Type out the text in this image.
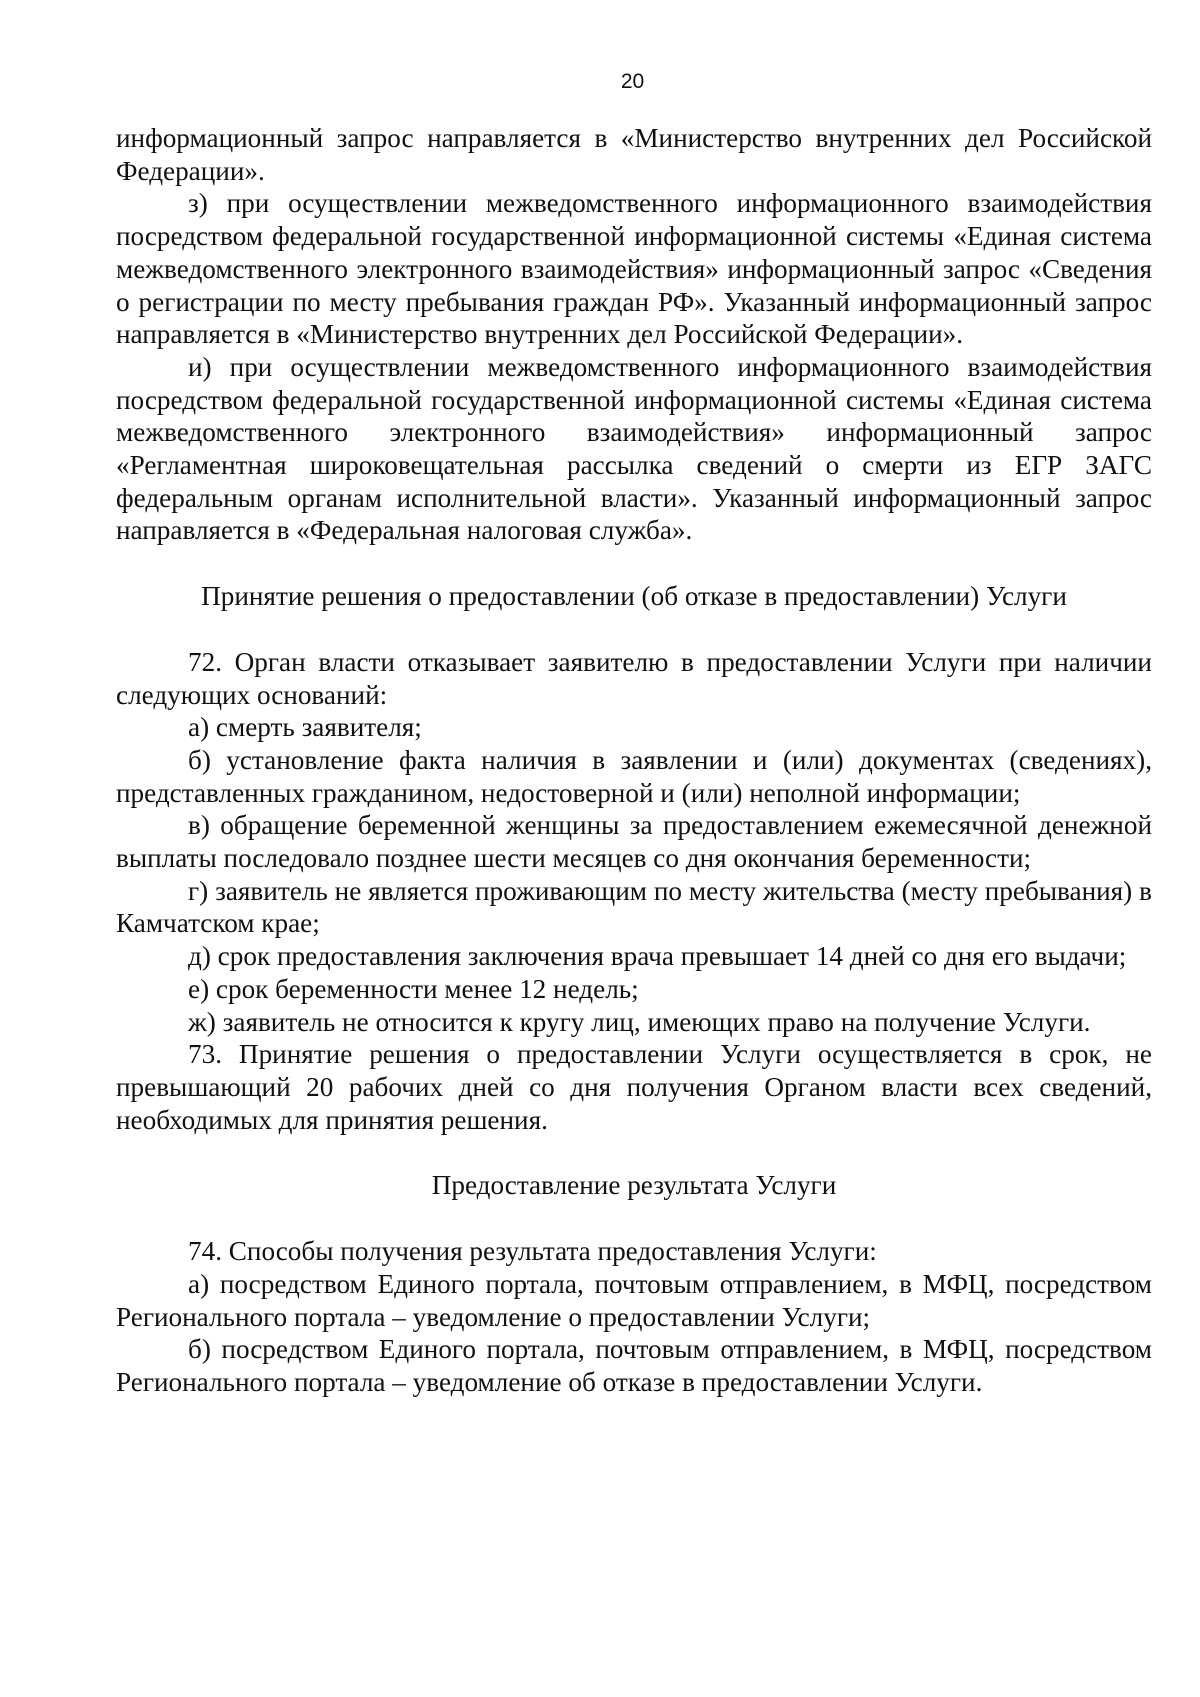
20

информационный запрос направляется в «Министерство внутренних дел Российской Федерации».

з) при осуществлении межведомственного информационного взаимодействия посредством федеральной государственной информационной системы «Единая система межведомственного электронного взаимодействия» информационный запрос «Сведения о регистрации по месту пребывания граждан РФ». Указанный информационный запрос направляется в «Министерство внутренних дел Российской Федерации».

и) при осуществлении межведомственного информационного взаимодействия посредством федеральной государственной информационной системы «Единая система межведомственного электронного взаимодействия» информационный запрос «Регламентная широковещательная рассылка сведений о смерти из ЕГР ЗАГС федеральным органам исполнительной власти». Указанный информационный запрос направляется в «Федеральная налоговая служба».

Принятие решения о предоставлении (об отказе в предоставлении) Услуги

72. Орган власти отказывает заявителю в предоставлении Услуги при наличии следующих оснований:

а) смерть заявителя;

б) установление факта наличия в заявлении и (или) документах (сведениях), представленных гражданином, недостоверной и (или) неполной информации;

в) обращение беременной женщины за предоставлением ежемесячной денежной выплаты последовало позднее шести месяцев со дня окончания беременности;

г) заявитель не является проживающим по месту жительства (месту пребывания) в Камчатском крае;

д) срок предоставления заключения врача превышает 14 дней со дня его выдачи;

е) срок беременности менее 12 недель;

ж) заявитель не относится к кругу лиц, имеющих право на получение Услуги.

73. Принятие решения о предоставлении Услуги осуществляется в срок, не превышающий 20 рабочих дней со дня получения Органом власти всех сведений, необходимых для принятия решения.

Предоставление результата Услуги

74. Способы получения результата предоставления Услуги:

а) посредством Единого портала, почтовым отправлением, в МФЦ, посредством Регионального портала – уведомление о предоставлении Услуги;

б) посредством Единого портала, почтовым отправлением, в МФЦ, посредством Регионального портала – уведомление об отказе в предоставлении Услуги.
